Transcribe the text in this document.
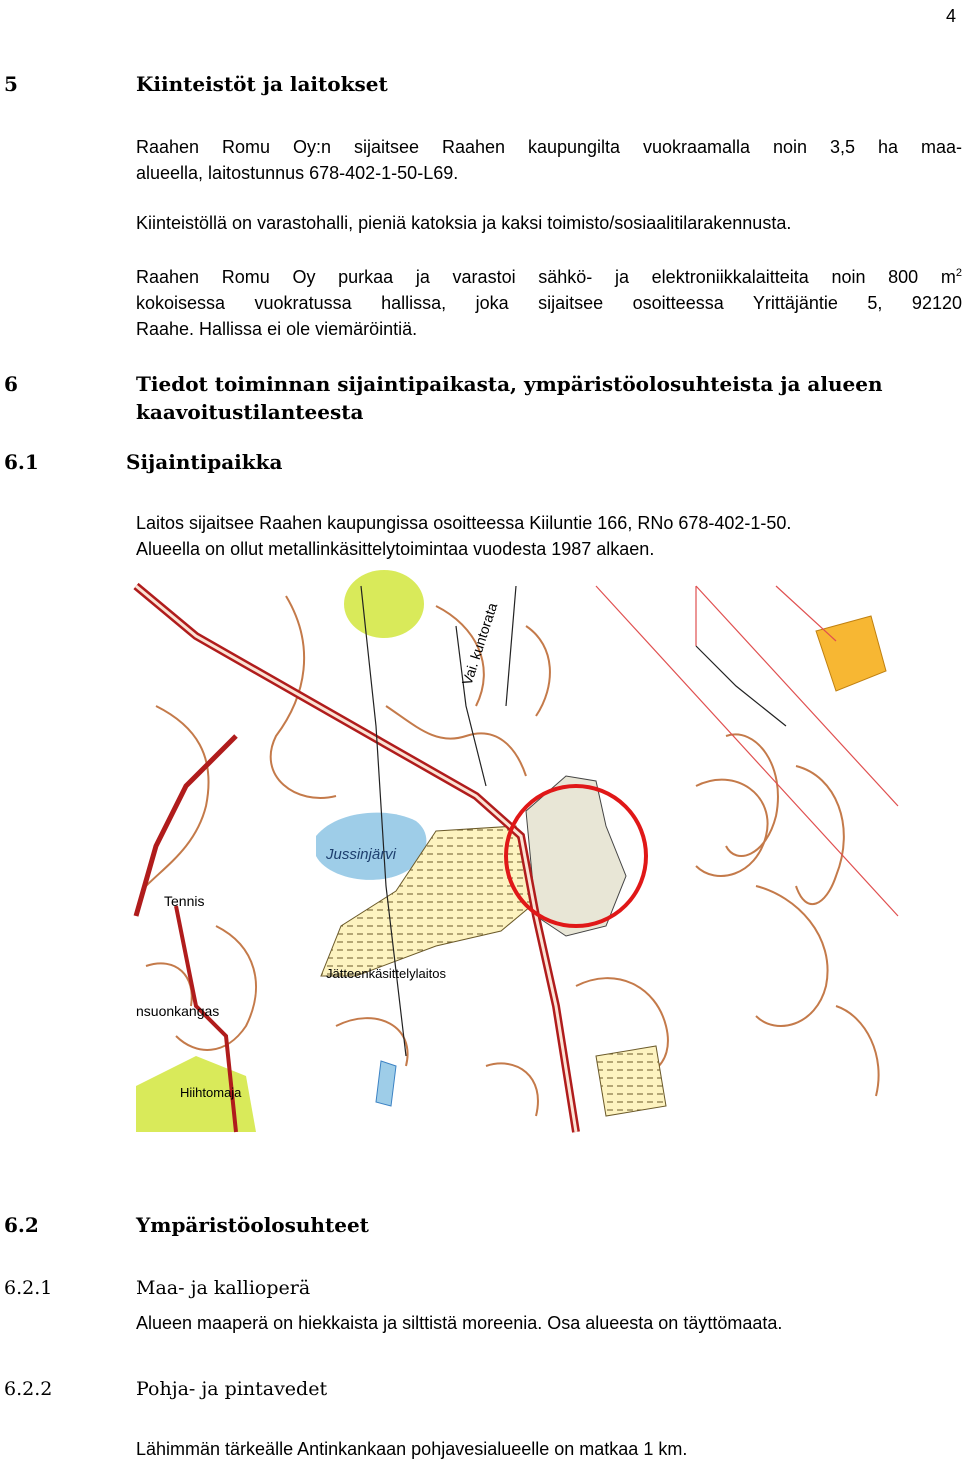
4
5	Kiinteistöt ja laitokset
Raahen Romu Oy:n sijaitsee Raahen kaupungilta vuokraamalla noin 3,5 ha maa-
alueella, laitostunnus 678-402-1-50-L69.
Kiinteistöllä on varastohalli, pieniä katoksia ja kaksi toimisto/sosiaalitilarakennusta.
Raahen Romu Oy purkaa ja varastoi sähkö- ja elektroniikkalaitteita noin 800 $m^2$
kokoisessa vuokratussa hallissa, joka sijaitsee osoitteessa Yrittäjäntie 5, 92120
Raahe. Hallissa ei ole viemäröintiä.
6	Tiedot toiminnan sijaintipaikasta, ympäristöolosuhteista ja alueen
kaavoitustilanteesta
6.1	Sijaintipaikka
Laitos sijaitsee Raahen kaupungissa osoitteessa Kiiluntie 166, RNo 678-402-1-50.
Alueella on ollut metallinkäsittelytoimintaa vuodesta 1987 alkaen.
Jussinjärvi
Tennis
Jätteenkäsittelylaitos
nsuonkangas
Hiihtomaja
Vai. kuntorata
6.2	Ympäristöolosuhteet
6.2.1	Maa- ja kallioperä
Alueen maaperä on hiekkaista ja silttistä moreenia. Osa alueesta on täyttömaata.
6.2.2	Pohja- ja pintavedet
Lähimmän tärkeälle Antinkankaan pohjavesialueelle on matkaa 1 km.
